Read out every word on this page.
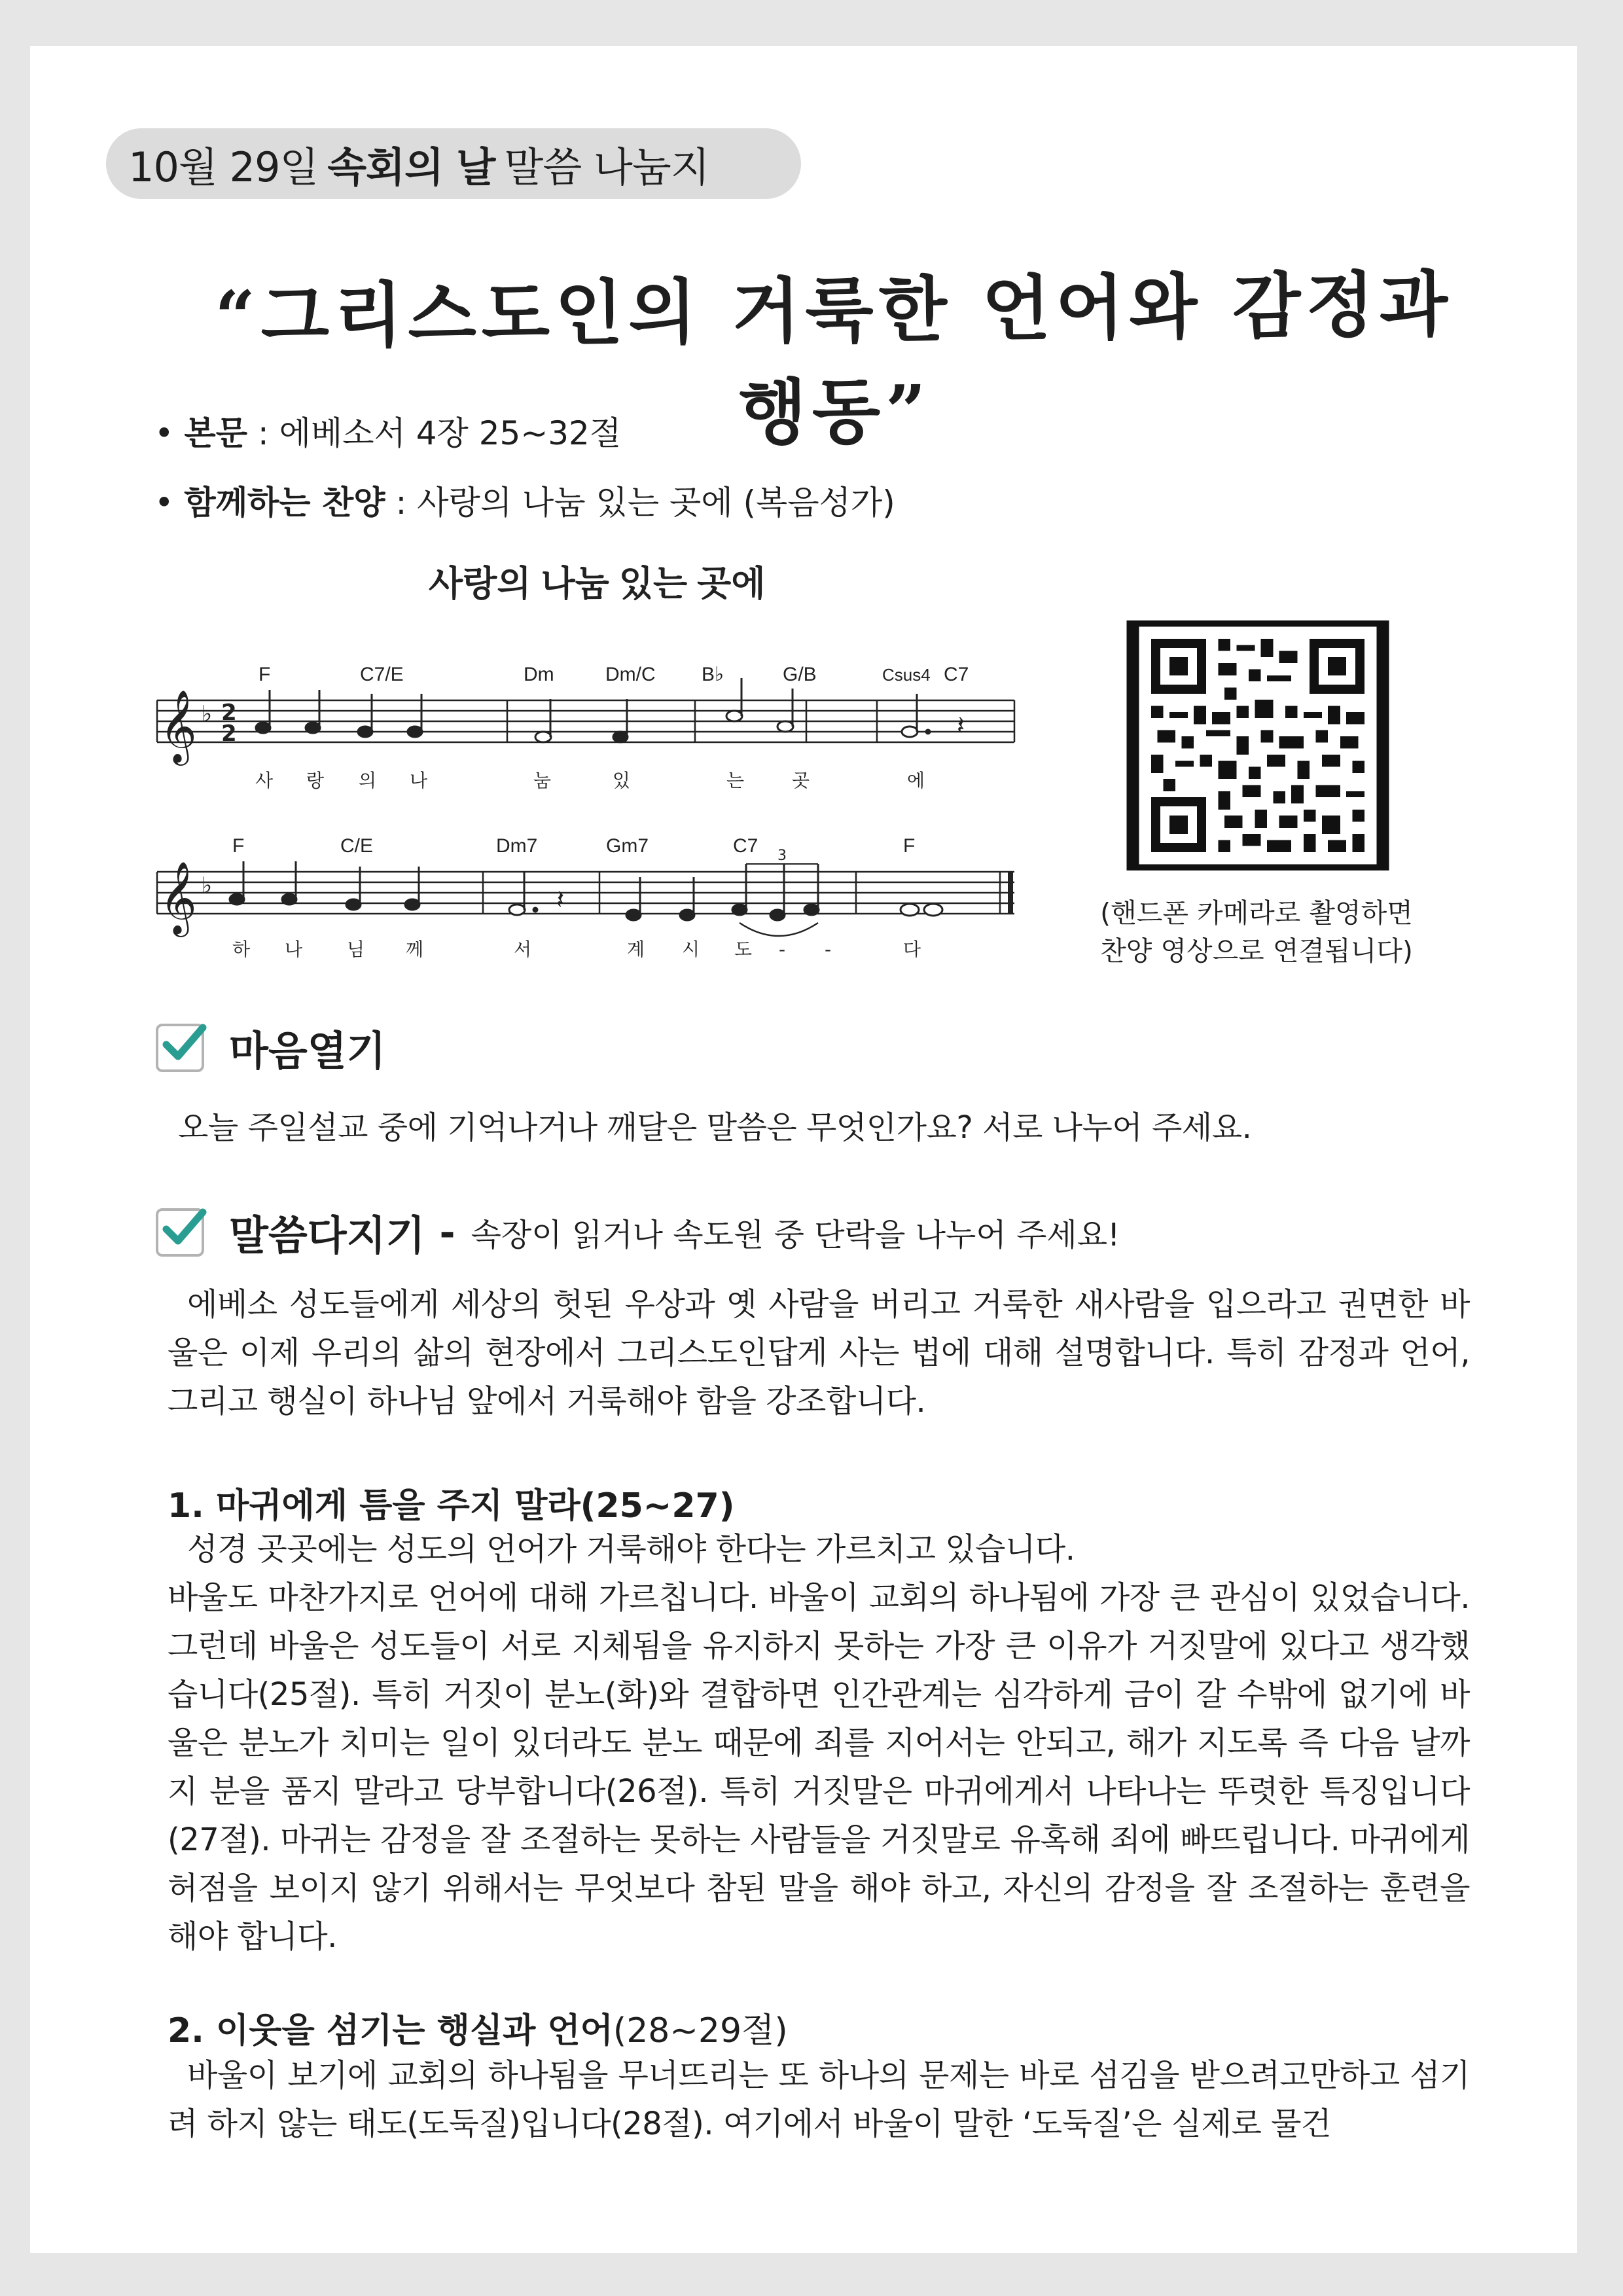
10월 29일 속회의 날 말씀 나눔지
“그리스도인의 거룩한 언어와 감정과 행동”
• 본문 : 에베소서 4장 25~32절
• 함께하는 찬양 : 사랑의 나눔 있는 곳에 (복음성가)
사랑의 나눔 있는 곳에
𝄞 ♭ 2
2	𝄽
F	C7/E	Dm	Dm/C B♭	G/B	Csus4 C7
사 랑 의 나	눔	있	는	곳	에
𝄞 ♭
3
𝄽
F	C/E	Dm7	Gm7	C7	F
하 나 님 께	서	계 시 도 - -	다
(핸드폰 카메라로 촬영하면
찬양 영상으로 연결됩니다)
마음열기
오늘 주일설교 중에 기억나거나 깨달은 말씀은 무엇인가요? 서로 나누어 주세요.
말씀다지기 - 속장이 읽거나 속도원 중 단락을 나누어 주세요!
에베소 성도들에게 세상의 헛된 우상과 옛 사람을 버리고 거룩한 새사람을 입으라고 권면한 바울은 이제 우리의 삶의 현장에서 그리스도인답게 사는 법에 대해 설명합니다. 특히 감정과 언어, 그리고 행실이 하나님 앞에서 거룩해야 함을 강조합니다.
1. 마귀에게 틈을 주지 말라(25~27)
성경 곳곳에는 성도의 언어가 거룩해야 한다는 가르치고 있습니다.
바울도 마찬가지로 언어에 대해 가르칩니다. 바울이 교회의 하나됨에 가장 큰 관심이 있었습니다. 그런데 바울은 성도들이 서로 지체됨을 유지하지 못하는 가장 큰 이유가 거짓말에 있다고 생각했습니다(25절). 특히 거짓이 분노(화)와 결합하면 인간관계는 심각하게 금이 갈 수밖에 없기에 바울은 분노가 치미는 일이 있더라도 분노 때문에 죄를 지어서는 안되고, 해가 지도록 즉 다음 날까지 분을 품지 말라고 당부합니다(26절). 특히 거짓말은 마귀에게서 나타나는 뚜렷한 특징입니다(27절). 마귀는 감정을 잘 조절하는 못하는 사람들을 거짓말로 유혹해 죄에 빠뜨립니다. 마귀에게 허점을 보이지 않기 위해서는 무엇보다 참된 말을 해야 하고, 자신의 감정을 잘 조절하는 훈련을 해야 합니다.
2. 이웃을 섬기는 행실과 언어(28~29절)
바울이 보기에 교회의 하나됨을 무너뜨리는 또 하나의 문제는 바로 섬김을 받으려고만하고 섬기려 하지 않는 태도(도둑질)입니다(28절). 여기에서 바울이 말한 ‘도둑질’은 실제로 물건
